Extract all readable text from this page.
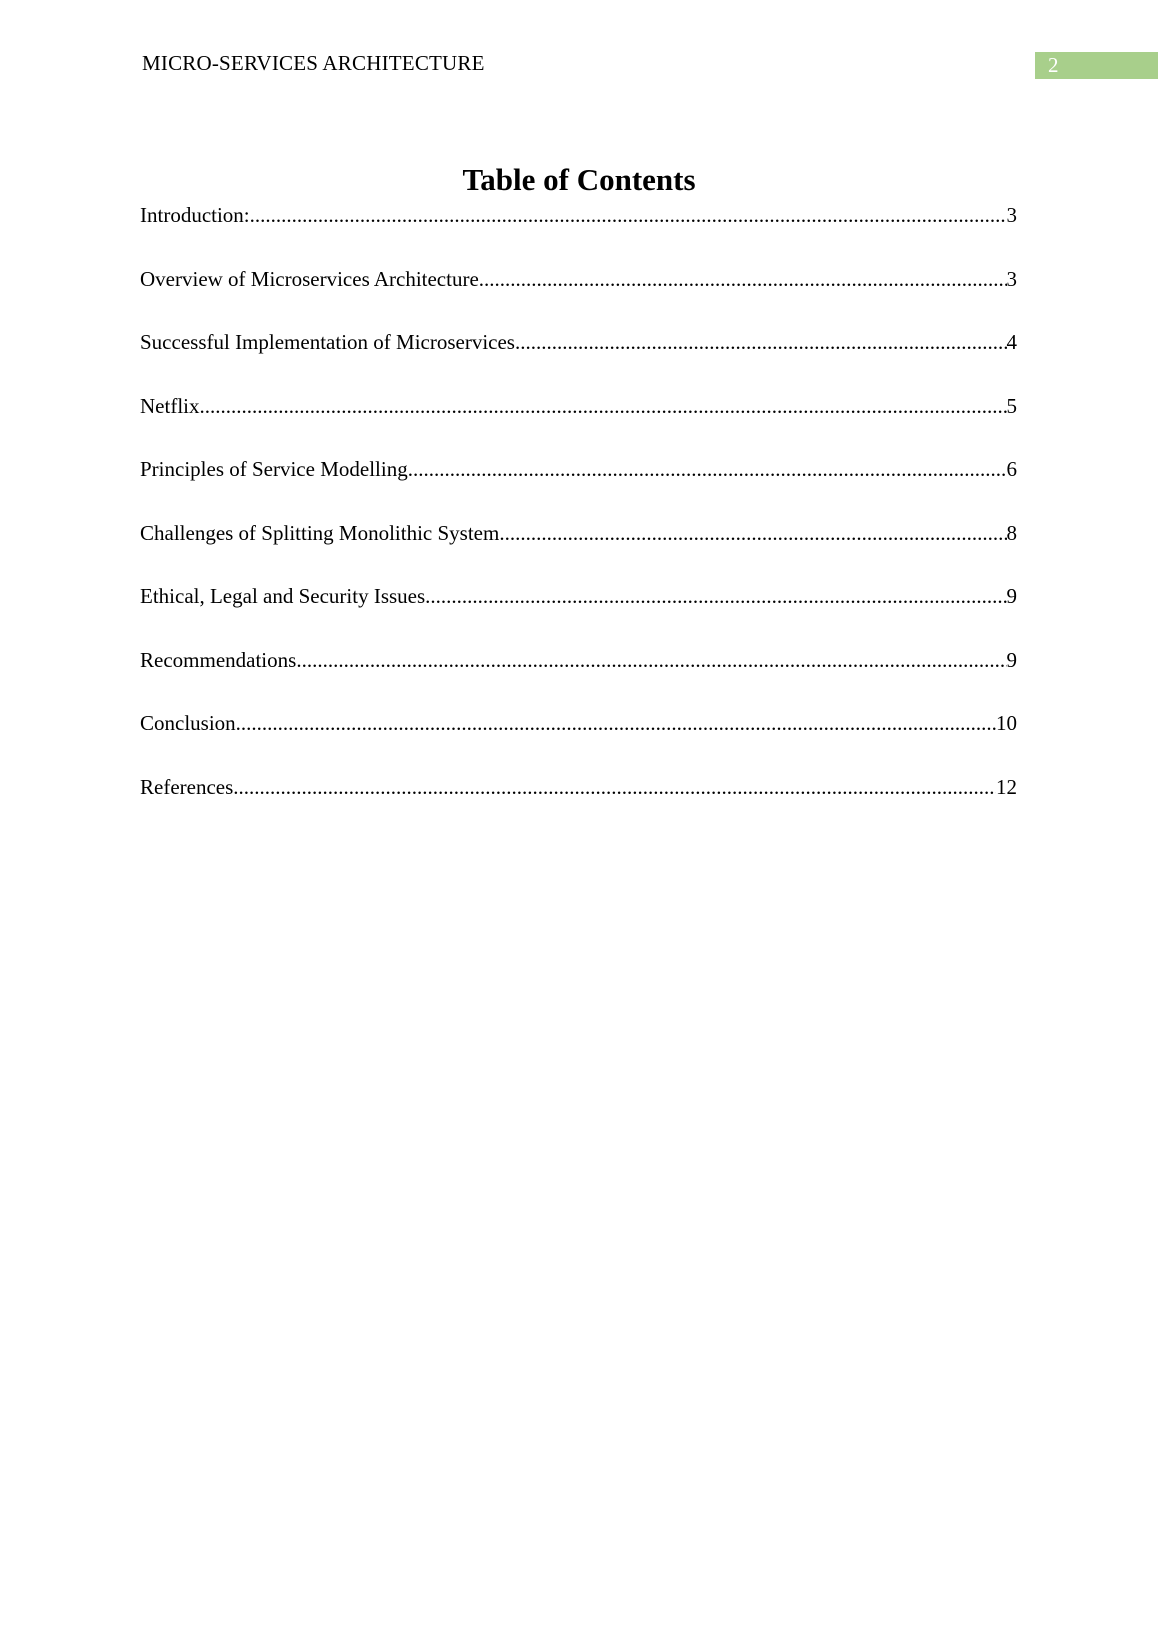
MICRO-SERVICES ARCHITECTURE	2
Table of Contents
Introduction: .....	3
Overview of Microservices Architecture .....	3
Successful Implementation of Microservices .....	4
Netflix .....	5
Principles of Service Modelling .....	6
Challenges of Splitting Monolithic System .....	8
Ethical, Legal and Security Issues .....	9
Recommendations .....	9
Conclusion .....	10
References .....	12
